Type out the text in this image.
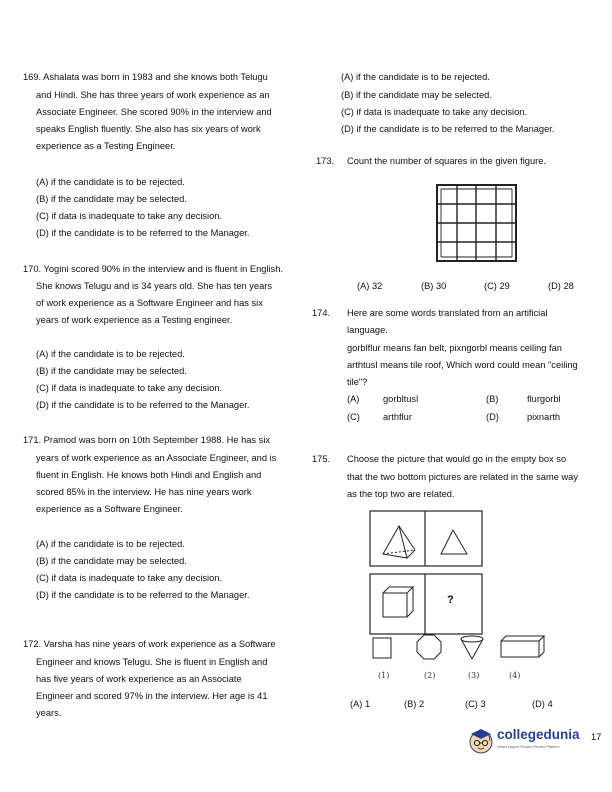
169. Ashalata was born in 1983 and she knows both Telugu
and Hindi. She has three years of work experience as an
Associate Engineer. She scored 90% in the interview and
speaks English fluently. She also has six years of work
experience as a Testing Engineer.
(A) if the candidate is to be rejected.
(B) if the candidate may be selected.
(C) if data is inadequate to take any decision.
(D) if the candidate is to be referred to the Manager.
170. Yogini scored 90% in the interview and is fluent in English.
She knows Telugu and is 34 years old. She has ten years
of work experience as a Software Engineer and has six
years of work experience as a Testing engineer.
(A) if the candidate is to be rejected.
(B) if the candidate may be selected.
(C) if data is inadequate to take any decision.
(D) if the candidate is to be referred to the Manager.
171. Pramod was born on 10th September 1988. He has six
years of work experience as an Associate Engineer, and is
fluent in English. He knows both Hindi and English and
scored 85% in the interview. He has nine years work
experience as a Software Engineer.
(A) if the candidate is to be rejected.
(B) if the candidate may be selected.
(C) if data is inadequate to take any decision.
(D) if the candidate is to be referred to the Manager.
172. Varsha has nine years of work experience as a Software
Engineer and knows Telugu. She is fluent in English and
has five years of work experience as an Associate
Engineer and scored 97% in the interview. Her age is 41
years.
(A) if the candidate is to be rejected.
(B) if the candidate may be selected.
(C) if data is inadequate to take any decision.
(D) if the candidate is to be referred to the Manager.
173. Count the number of squares in the given figure.
(A) 32	(B) 30	(C) 29	(D) 28
174. Here are some words translated from an artificial
language.
gorblflur means fan belt, pixngorbl means ceiling fan
arthtusl means tile roof, Which word could mean "ceiling
tile"?
(A)	gorbltusl	(B)	flurgorbl
(C) arthflur	(D)	pixnarth
175. Choose the picture that would go in the empty box so
that the two bottom pictures are related in the same way
as the top two are related.
?
(1)	(2)	(3)	(4)
(A) 1	(B) 2	(C) 3	(D) 4
collegedunia
India's largest Student Review Platform
17
